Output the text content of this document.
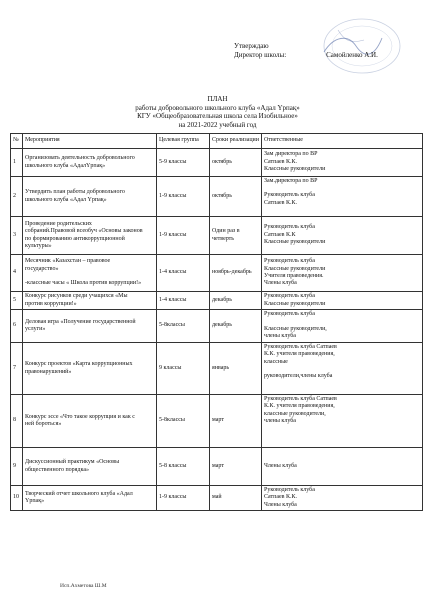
Утверждаю
Директор школы:	Самойленко А.И.
ПЛАН
работы добровольного школьного клуба «Адал Үрпақ»
КГУ «Общеобразовательная школа села Изобильное»
на 2021-2022 учебный год
№	Мероприятия	Целевая группа	Сроки реализации	Ответственные
1	Организовать деятельность добровольного
школьного клуба «АдалҮрпақ»	5-9 классы	октябрь	Зам директора по ВР
Сатпаев К.К.
Классные руководители

2	Утвердить план работы добровольного
школьного клуба «Адал Үрпақ»	1-9 классы	октябрь	Зам.директора по ВР
Руководитель клуба
Сатпаев К.К.

3	Проведение родительских
собраний.Правовой всеобуч «Основы законов
по формированию антикоррупционной
культуры»	1-9 классы	Один раз в четверть	Руководитель клуба
Сатпаев К.К
Классные руководители

4	Месячник «Казахстан – правовое
государство»
-классные часы « Школа против коррупции!»	1-4 классы	ноябрь-декабрь	Руководитель клуба
Классные руководители
Учителя правоведения.
Члены клуба

5	Конкурс рисунков среди учащихся «Мы
против коррупции!»	1-4 классы	декабрь	Руководитель клуба
Классные руководители

6	Деловая игра «Получение государственной
услуги»	5-8классы	декабрь	Руководитель клуба
Классные руководители,
члены клуба

7	Конкурс проектов «Карта коррупционных
правонарушений»	9 классы	январь	Руководитель клуба Сатпаев
К.К. учителя правоведения,
классные
руководители,члены клуба

8	Конкурс эссе «Что такое коррупция и как с
ней бороться»	5-8классы	март	Руководитель клуба Сатпаев
К.К. учителя правоведения,
классные руководители,
члены клуба

9	Дискуссионный практикум «Основы
общественного порядка»	5-8 классы	март	Члены клуба

10	Творческий отчет школьного клуба «Адал
Үрпақ»	1-9 классы	май	Руководитель клуба
Сатпаев К.К.
Члены клуба
Исп.Ахметова Ш.М
